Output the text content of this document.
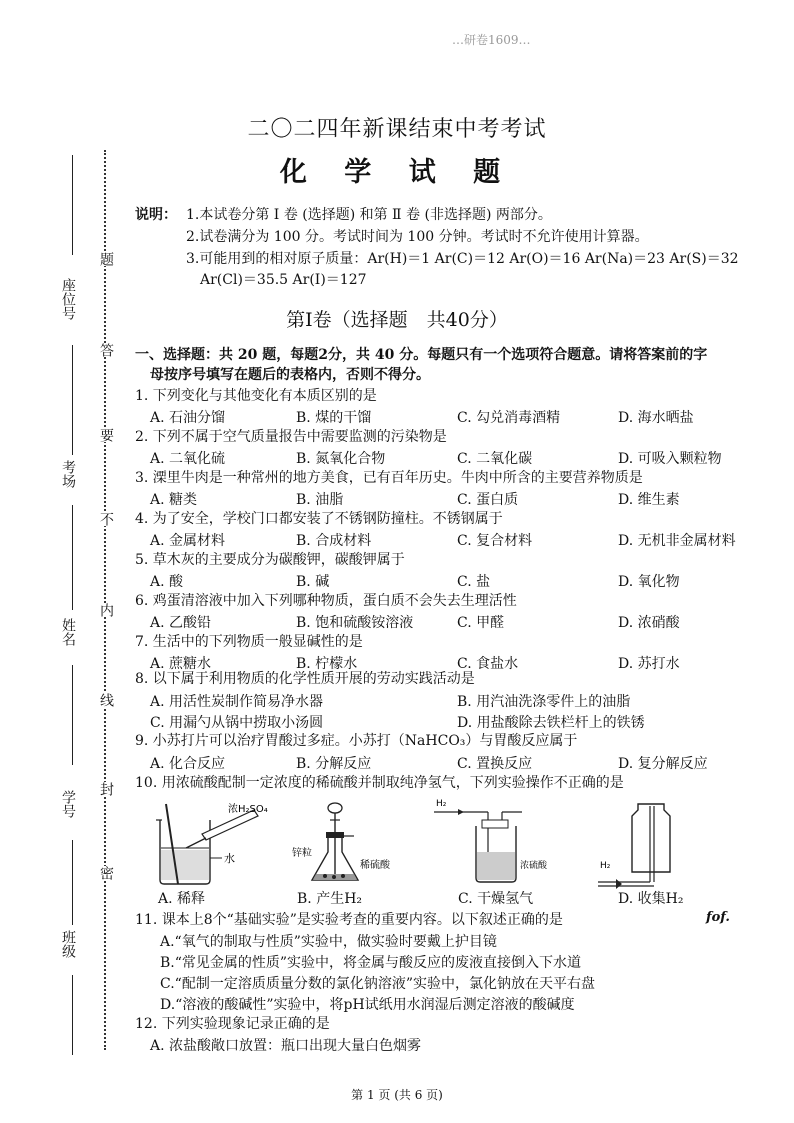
…研卷1609…
二〇二四年新课结束中考考试
化 学 试 题
说明： 1.本试卷分第 Ⅰ 卷 (选择题) 和第 Ⅱ 卷 (非选择题) 两部分。
2.试卷满分为 100 分。考试时间为 100 分钟。考试时不允许使用计算器。
3.可能用到的相对原子质量：Ar(H)＝1 Ar(C)＝12 Ar(O)＝16 Ar(Na)＝23 Ar(S)＝32
Ar(Cl)＝35.5 Ar(I)＝127
第Ⅰ卷（选择题　共40分）
一、选择题：共 20 题，每题2分，共 40 分。每题只有一个选项符合题意。请将答案前的字
母按序号填写在题后的表格内，否则不得分。
座位号
考场
姓名
学号
班级
题
答
要
不
内
线
封
密
1. 下列变化与其他变化有本质区别的是
A. 石油分馏	B. 煤的干馏	C. 勾兑消毒酒精	D. 海水晒盐
2. 下列不属于空气质量报告中需要监测的污染物是
A. 二氧化硫	B. 氮氧化合物	C. 二氧化碳	D. 可吸入颗粒物
3. 溧里牛肉是一种常州的地方美食，已有百年历史。牛肉中所含的主要营养物质是
A. 糖类	B. 油脂	C. 蛋白质	D. 维生素
4. 为了安全，学校门口都安装了不锈钢防撞柱。不锈钢属于
A. 金属材料	B. 合成材料	C. 复合材料	D. 无机非金属材料
5. 草木灰的主要成分为碳酸钾，碳酸钾属于
A. 酸	B. 碱	C. 盐	D. 氧化物
6. 鸡蛋清溶液中加入下列哪种物质，蛋白质不会失去生理活性
A. 乙酸铅	B. 饱和硫酸铵溶液	C. 甲醛	D. 浓硝酸
7. 生活中的下列物质一般显碱性的是
A. 蔗糖水	B. 柠檬水	C. 食盐水	D. 苏打水
8. 以下属于利用物质的化学性质开展的劳动实践活动是
A. 用活性炭制作简易净水器	B. 用汽油洗涤零件上的油脂
C. 用漏勺从锅中捞取小汤圆	D. 用盐酸除去铁栏杆上的铁锈
9. 小苏打片可以治疗胃酸过多症。小苏打（NaHCO₃）与胃酸反应属于
A. 化合反应	B. 分解反应	C. 置换反应	D. 复分解反应
10. 用浓硫酸配制一定浓度的稀硫酸并制取纯净氢气，下列实验操作不正确的是
浓H₂SO₄
水
A. 稀释
锌粒
稀硫酸
B. 产生H₂
H₂
浓硫酸
C. 干燥氢气
H₂
D. 收集H₂
11. 课本上8个“基础实验”是实验考查的重要内容。以下叙述正确的是	fof.
A.“氧气的制取与性质”实验中，做实验时要戴上护目镜
B.“常见金属的性质”实验中，将金属与酸反应的废液直接倒入下水道
C.“配制一定溶质质量分数的氯化钠溶液”实验中，氯化钠放在天平右盘
D.“溶液的酸碱性”实验中，将pH试纸用水润湿后测定溶液的酸碱度
12. 下列实验现象记录正确的是
A. 浓盐酸敞口放置：瓶口出现大量白色烟雾
第 1 页 (共 6 页)
